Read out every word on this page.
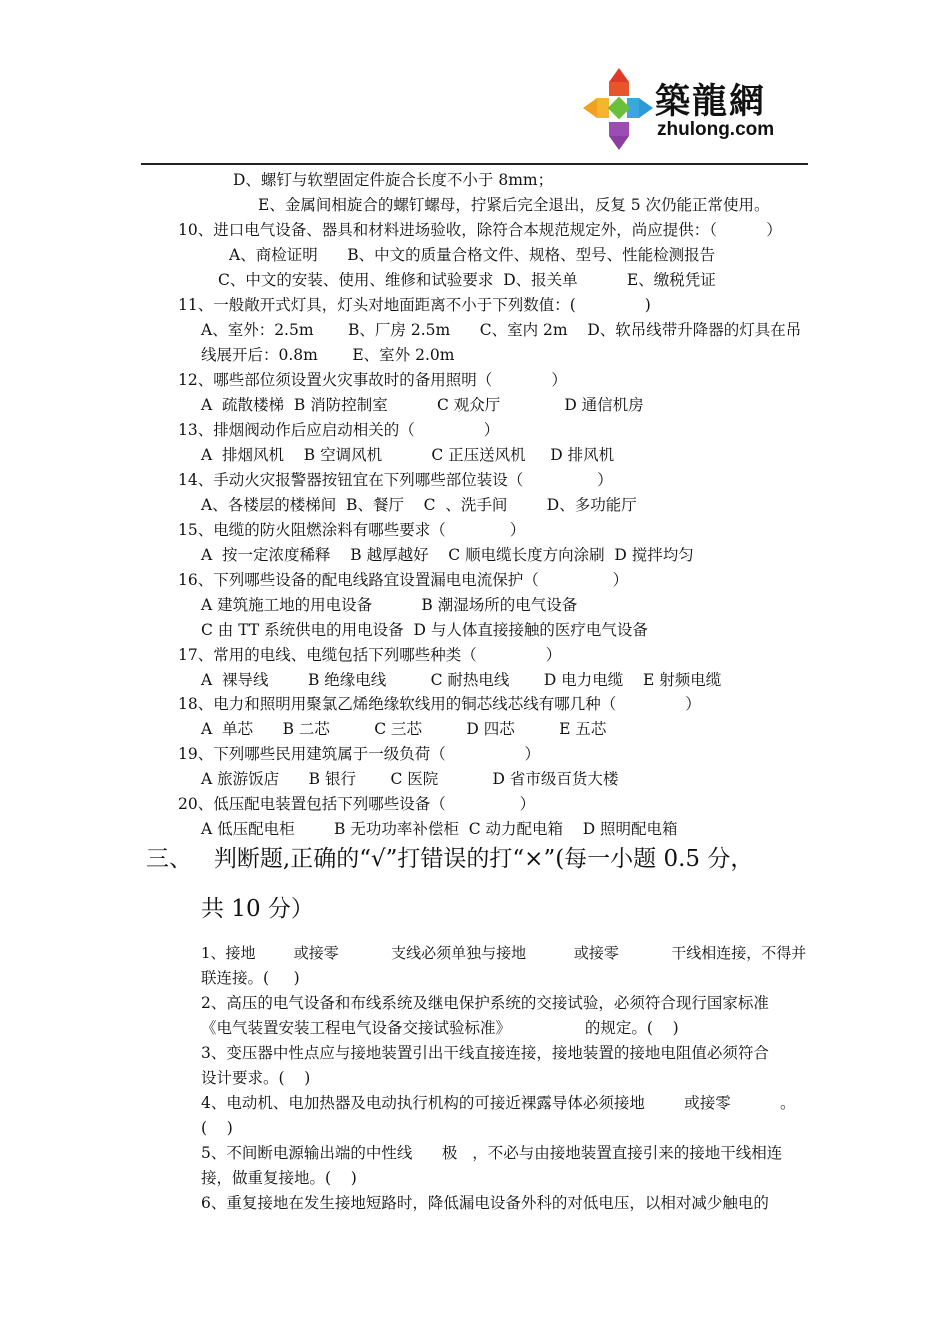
築龍網
zhulong.com
D、螺钉与软塑固定件旋合长度不小于 8mm；
E、金属间相旋合的螺钉螺母，拧紧后完全退出，反复 5 次仍能正常使用。
10、进口电气设备、器具和材料进场验收，除符合本规范规定外，尚应提供：（          ）
A、商检证明      B、中文的质量合格文件、规格、型号、性能检测报告
C、中文的安装、使用、维修和试验要求  D、报关单          E、缴税凭证
11、一般敞开式灯具，灯头对地面距离不小于下列数值：(              )
A、室外：2.5m       B、厂房 2.5m      C、室内 2m    D、软吊线带升降器的灯具在吊
线展开后：0.8m       E、室外 2.0m
12、哪些部位须设置火灾事故时的备用照明（            ）
A  疏散楼梯  B 消防控制室          C 观众厅             D 通信机房
13、排烟阀动作后应启动相关的（              ）
A  排烟风机    B 空调风机          C 正压送风机     D 排风机
14、手动火灾报警器按钮宜在下列哪些部位装设（               ）
A、各楼层的楼梯间  B、餐厅    C  、洗手间        D、多功能厅
15、电缆的防火阻燃涂料有哪些要求（             ）
A  按一定浓度稀释    B 越厚越好    C 顺电缆长度方向涂刷  D 搅拌均匀
16、下列哪些设备的配电线路宜设置漏电电流保护（               ）
A 建筑施工地的用电设备          B 潮湿场所的电气设备
C 由 TT 系统供电的用电设备  D 与人体直接接触的医疗电气设备
17、常用的电线、电缆包括下列哪些种类（              ）
A  裸导线        B 绝缘电线         C 耐热电线       D 电力电缆    E 射频电缆
18、电力和照明用聚氯乙烯绝缘软线用的铜芯线芯线有哪几种（              ）
A  单芯      B 二芯         C 三芯         D 四芯         E 五芯
19、下列哪些民用建筑属于一级负荷（                ）
A 旅游饭店      B 银行       C 医院           D 省市级百货大楼
20、低压配电装置包括下列哪些设备（               ）
A 低压配电柜        B 无功功率补偿柜  C 动力配电箱    D 照明配电箱
三、   判断题,正确的“√”打错误的打“×”(每一小题 0.5 分，
共 10 分）
1、接地        或接零           支线必须单独与接地          或接零           干线相连接，不得并
联连接。(     )
2、高压的电气设备和布线系统及继电保护系统的交接试验，必须符合现行国家标准
《电气装置安装工程电气设备交接试验标准》               的规定。(    )
3、变压器中性点应与接地装置引出干线直接连接，接地装置的接地电阻值必须符合
设计要求。(    )
4、电动机、电加热器及电动执行机构的可接近裸露导体必须接地        或接零          。
(    )
5、不间断电源输出端的中性线      极   ，不必与由接地装置直接引来的接地干线相连
接，做重复接地。(    )
6、重复接地在发生接地短路时，降低漏电设备外科的对低电压，以相对减少触电的
